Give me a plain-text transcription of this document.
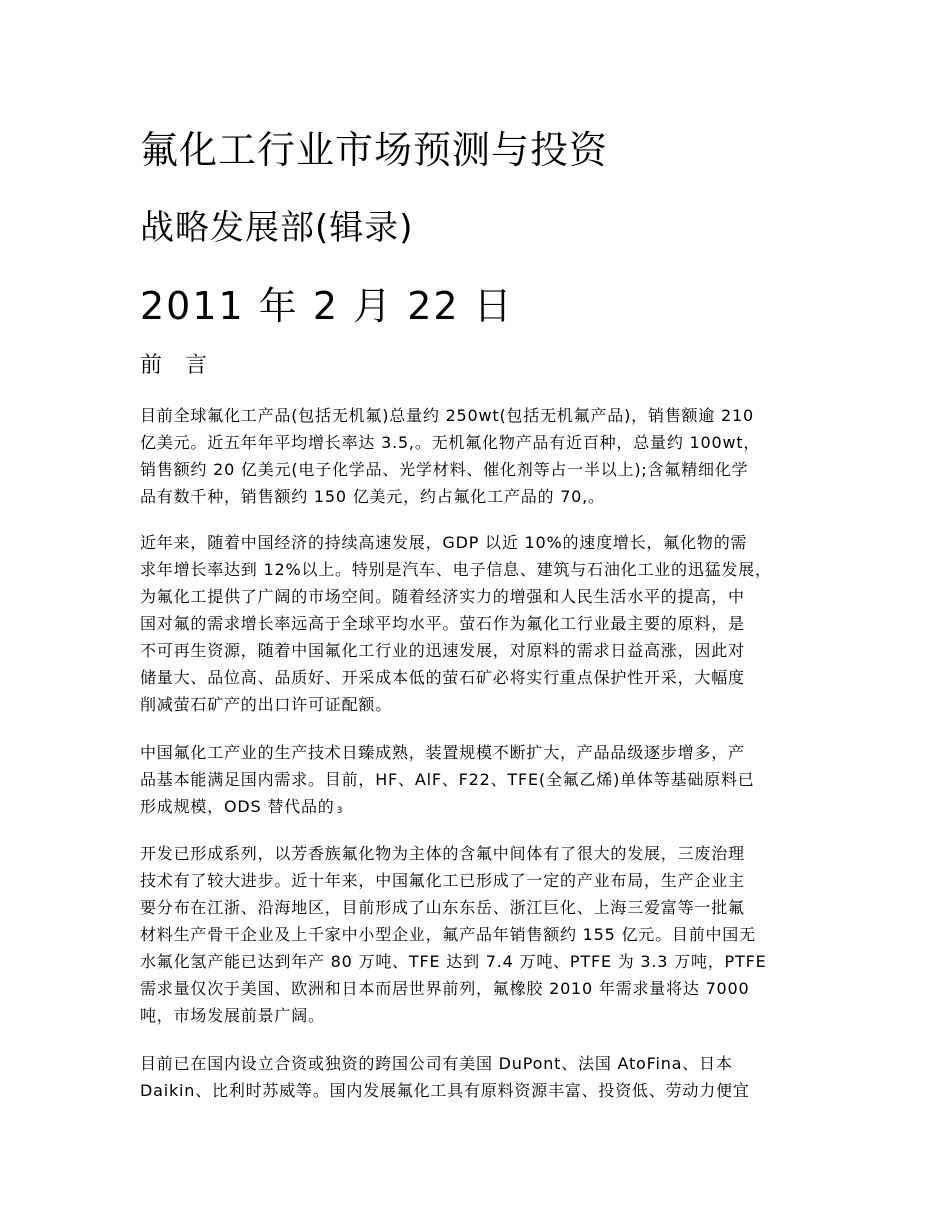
氟化工行业市场预测与投资
战略发展部(辑录)
2011 年 2 月 22 日
前 言
目前全球氟化工产品(包括无机氟)总量约 250wt(包括无机氟产品)，销售额逾 210
亿美元。近五年年平均增长率达 3.5,。无机氟化物产品有近百种，总量约 100wt，
销售额约 20 亿美元(电子化学品、光学材料、催化剂等占一半以上);含氟精细化学
品有数千种，销售额约 150 亿美元，约占氟化工产品的 70,。
近年来，随着中国经济的持续高速发展，GDP 以近 10%的速度增长，氟化物的需
求年增长率达到 12%以上。特别是汽车、电子信息、建筑与石油化工业的迅猛发展，
为氟化工提供了广阔的市场空间。随着经济实力的增强和人民生活水平的提高，中
国对氟的需求增长率远高于全球平均水平。萤石作为氟化工行业最主要的原料，是
不可再生资源，随着中国氟化工行业的迅速发展，对原料的需求日益高涨，因此对
储量大、品位高、品质好、开采成本低的萤石矿必将实行重点保护性开采，大幅度
削减萤石矿产的出口许可证配额。
中国氟化工产业的生产技术日臻成熟，装置规模不断扩大，产品品级逐步增多，产
品基本能满足国内需求。目前，HF、AlF、F22、TFE(全氟乙烯)单体等基础原料已
形成规模，ODS 替代品的 3
开发已形成系列，以芳香族氟化物为主体的含氟中间体有了很大的发展，三废治理
技术有了较大进步。近十年来，中国氟化工已形成了一定的产业布局，生产企业主
要分布在江浙、沿海地区，目前形成了山东东岳、浙江巨化、上海三爱富等一批氟
材料生产骨干企业及上千家中小型企业，氟产品年销售额约 155 亿元。目前中国无
水氟化氢产能已达到年产 80 万吨、TFE 达到 7.4 万吨、PTFE 为 3.3 万吨，PTFE
需求量仅次于美国、欧洲和日本而居世界前列，氟橡胶 2010 年需求量将达 7000
吨，市场发展前景广阔。
目前已在国内设立合资或独资的跨国公司有美国 DuPont、法国 AtoFina、日本
Daikin、比利时苏威等。国内发展氟化工具有原料资源丰富、投资低、劳动力便宜
